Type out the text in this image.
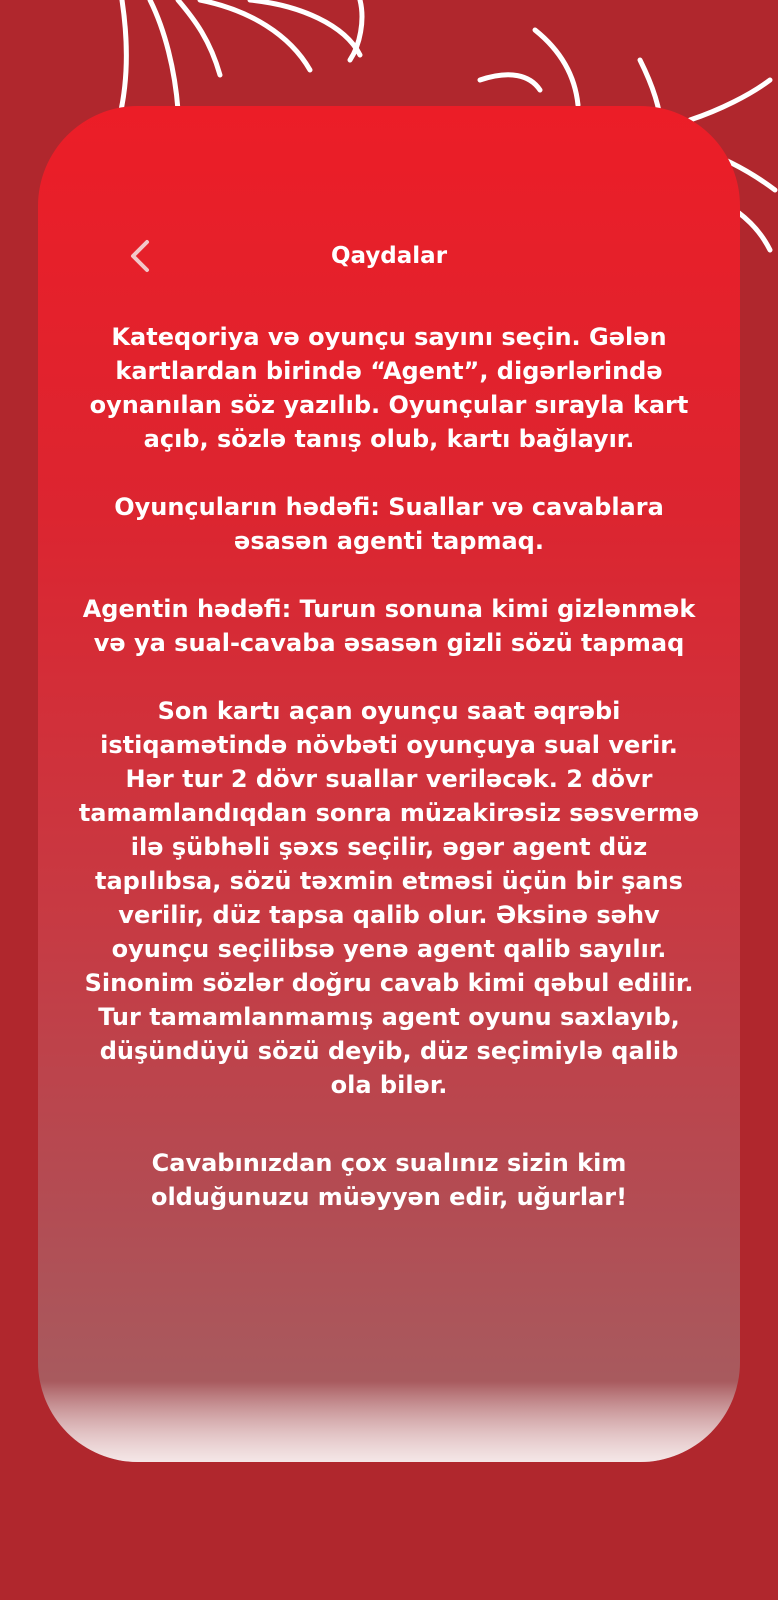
Qaydalar

Kateqoriya və oyunçu sayını seçin. Gələn kartlardan birində “Agent”, digərlərində oynanılan söz yazılıb. Oyunçular sırayla kart açıb, sözlə tanış olub, kartı bağlayır.

Oyunçuların hədəfi: Suallar və cavablara əsasən agenti tapmaq.

Agentin hədəfi: Turun sonuna kimi gizlənmək və ya sual-cavaba əsasən gizli sözü tapmaq

Son kartı açan oyunçu saat əqrəbi istiqamətində növbəti oyunçuya sual verir. Hər tur 2 dövr suallar veriləcək. 2 dövr tamamlandıqdan sonra müzakirəsiz səsvermə ilə şübhəli şəxs seçilir, əgər agent düz tapılıbsa, sözü təxmin etməsi üçün bir şans verilir, düz tapsa qalib olur. Əksinə səhv oyunçu seçilibsə yenə agent qalib sayılır. Sinonim sözlər doğru cavab kimi qəbul edilir. Tur tamamlanmamış agent oyunu saxlayıb, düşündüyü sözü deyib, düz seçimiylə qalib ola bilər.

Cavabınızdan çox sualınız sizin kim olduğunuzu müəyyən edir, uğurlar!
